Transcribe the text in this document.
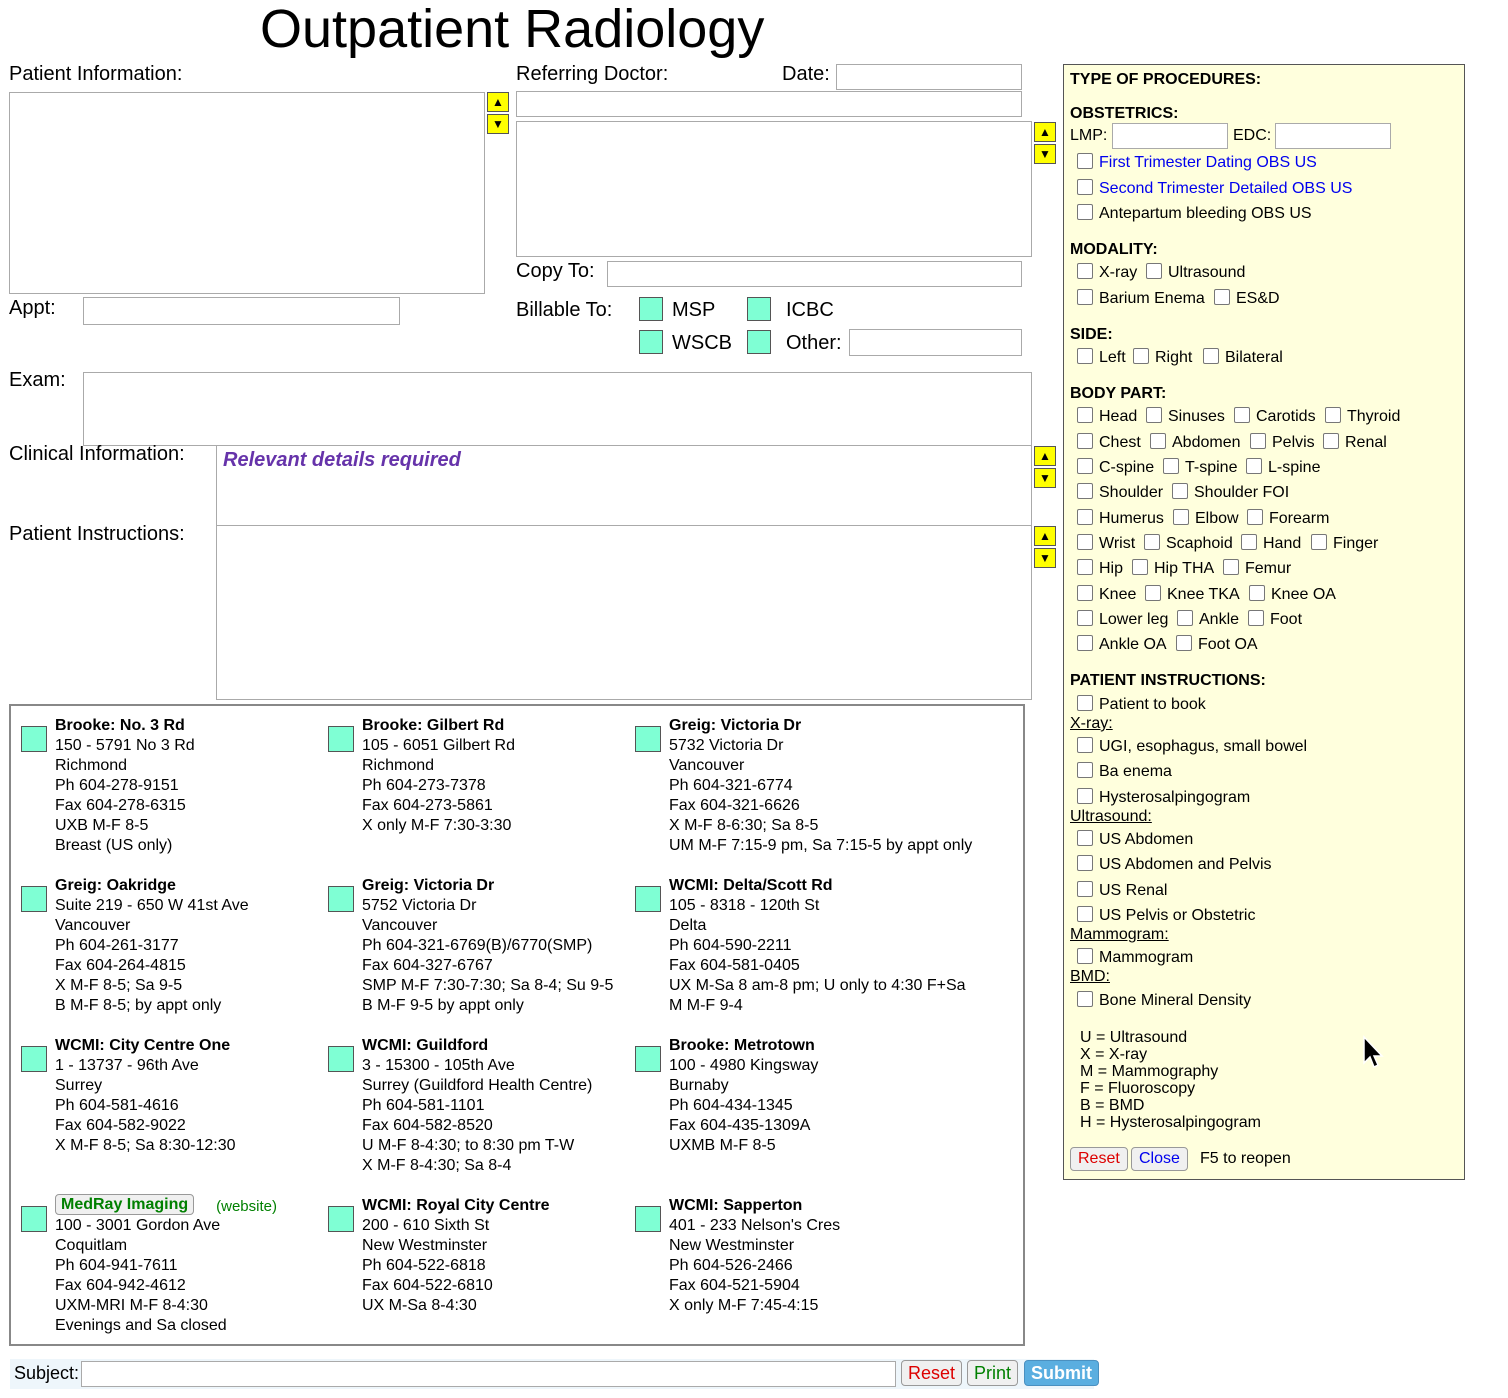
Outpatient Radiology
Patient Information:
▲
▼
Appt:
Referring Doctor:	Date:
▲
▼
Copy To:
Billable To:	MSP	ICBC
WSCB	Other:
Exam:
Clinical Information: Relevant details required	▲
▼
Patient Instructions:	▲
▼
Brooke: No. 3 Rd
150 - 5791 No 3 Rd
Richmond
Ph 604-278-9151
Fax 604-278-6315
UXB M-F 8-5
Breast (US only)
Brooke: Gilbert Rd
105 - 6051 Gilbert Rd
Richmond
Ph 604-273-7378
Fax 604-273-5861
X only M-F 7:30-3:30
Greig: Victoria Dr
5732 Victoria Dr
Vancouver
Ph 604-321-6774
Fax 604-321-6626
X M-F 8-6:30; Sa 8-5
UM M-F 7:15-9 pm, Sa 7:15-5 by appt only
Greig: Oakridge
Suite 219 - 650 W 41st Ave
Vancouver
Ph 604-261-3177
Fax 604-264-4815
X M-F 8-5; Sa 9-5
B M-F 8-5; by appt only
Greig: Victoria Dr
5752 Victoria Dr
Vancouver
Ph 604-321-6769(B)/6770(SMP)
Fax 604-327-6767
SMP M-F 7:30-7:30; Sa 8-4; Su 9-5
B M-F 9-5 by appt only
WCMI: Delta/Scott Rd
105 - 8318 - 120th St
Delta
Ph 604-590-2211
Fax 604-581-0405
UX M-Sa 8 am-8 pm; U only to 4:30 F+Sa
M M-F 9-4
WCMI: City Centre One
1 - 13737 - 96th Ave
Surrey
Ph 604-581-4616
Fax 604-582-9022
X M-F 8-5; Sa 8:30-12:30
WCMI: Guildford
3 - 15300 - 105th Ave
Surrey (Guildford Health Centre)
Ph 604-581-1101
Fax 604-582-8520
U M-F 8-4:30; to 8:30 pm T-W
X M-F 8-4:30; Sa 8-4
Brooke: Metrotown
100 - 4980 Kingsway
Burnaby
Ph 604-434-1345
Fax 604-435-1309A
UXMB M-F 8-5
MedRay Imaging (website)
100 - 3001 Gordon Ave
Coquitlam
Ph 604-941-7611
Fax 604-942-4612
UXM-MRI M-F 8-4:30
Evenings and Sa closed
WCMI: Royal City Centre
200 - 610 Sixth St
New Westminster
Ph 604-522-6818
Fax 604-522-6810
UX M-Sa 8-4:30
WCMI: Sapperton
401 - 233 Nelson's Cres
New Westminster
Ph 604-526-2466
Fax 604-521-5904
X only M-F 7:45-4:15
Subject:	Reset	Print	Submit
TYPE OF PROCEDURES:
OBSTETRICS:
LMP:	EDC:
First Trimester Dating OBS US
Second Trimester Detailed OBS US
Antepartum bleeding OBS US
MODALITY:
X-ray	Ultrasound
Barium Enema	ES&D
SIDE:
Left	Right	Bilateral
BODY PART:
Head	Sinuses	Carotids	Thyroid
Chest	Abdomen	Pelvis	Renal
C-spine	T-spine	L-spine
Shoulder	Shoulder FOI
Humerus	Elbow	Forearm
Wrist	Scaphoid	Hand	Finger
Hip	Hip THA	Femur
Knee	Knee TKA	Knee OA
Lower leg	Ankle	Foot
Ankle OA	Foot OA
PATIENT INSTRUCTIONS:
Patient to book
X-ray:
UGI, esophagus, small bowel
Ba enema
Hysterosalpingogram
Ultrasound:
US Abdomen
US Abdomen and Pelvis
US Renal
US Pelvis or Obstetric
Mammogram:
Mammogram
BMD:
Bone Mineral Density
U = Ultrasound
X = X-ray
M = Mammography
F = Fluoroscopy
B = BMD
H = Hysterosalpingogram
Reset	Close	F5 to reopen
